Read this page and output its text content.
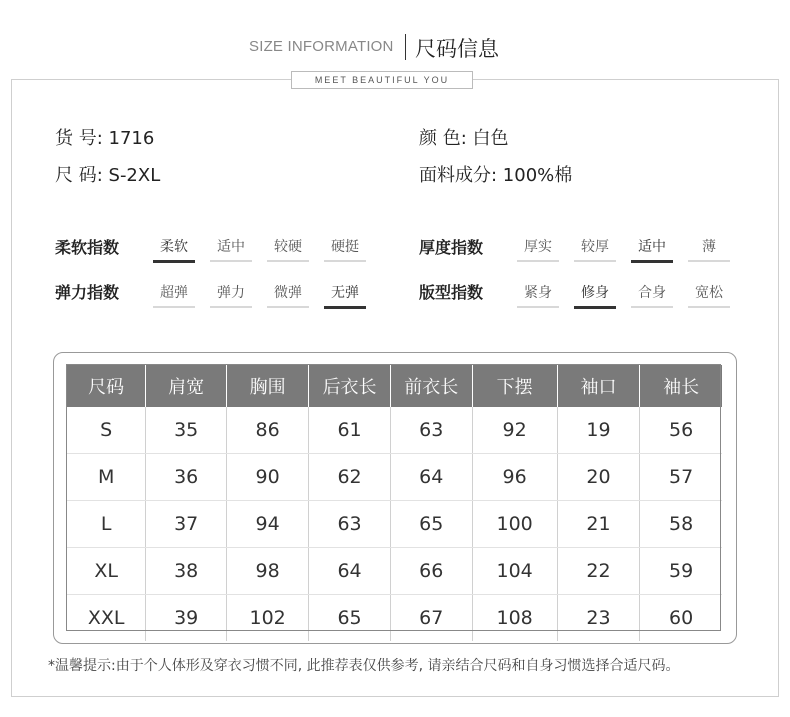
SIZE INFORMATION 尺码信息
MEET BEAUTIFUL YOU
货 号: 1716
尺 码: S-2XL
颜 色: 白色
面料成分: 100%棉
柔软指数	柔软	适中	较硬	硬挺
弹力指数	超弹	弹力	微弹	无弹
厚度指数	厚实	较厚	适中	薄
版型指数	紧身	修身	合身	宽松
尺码	肩宽	胸围	后衣长	前衣长	下摆	袖口	袖长
S	35	86	61	63	92	19	56
M	36	90	62	64	96	20	57
L	37	94	63	65	100	21	58
XL	38	98	64	66	104	22	59
XXL	39	102	65	67	108	23	60
*温馨提示:由于个人体形及穿衣习惯不同, 此推荐表仅供参考, 请亲结合尺码和自身习惯选择合适尺码。
